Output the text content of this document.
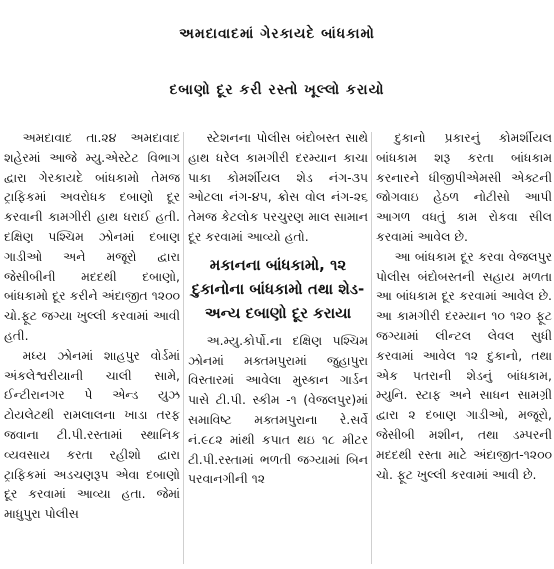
અમદાવાદમાં ગેરકાયદે બાંધકામો
દબાણો દૂર કરી રસ્તો ખૂલ્લો કરાયો

અમદાવાદ તા.૨૪ અમદાવાદ શહેરમાં આજે મ્યુ.એસ્ટેટ વિભાગ દ્વારા ગેરકાયદે બાંધકામો તેમજ ટ્રાફિકમાં અવરોધક દબાણો દૂર કરવાની કામગીરી હાથ ધરાઈ હતી. દક્ષિણ પશ્ચિમ ઝોનમાં દબાણ ગાડીઓ અને મજૂરો દ્વારા જેસીબીની મદદથી દબાણો, બાંધકામો દૂર કરીને અંદાજીત ૧૨૦૦ ચો.ફૂટ જગ્યા ખુલ્લી કરવામાં આવી હતી.

મધ્ય ઝોનમાં શાહપુર વોર્ડમાં અંકલેશ્વરીયાની ચાલી સામે, ઈન્ટીરાનગર પે એન્ડ યુઝ ટોયલેટથી રામલાલના ખાડા તરફ જવાના ટી.પી.રસ્તામાં સ્થાનિક વ્યવસાય કરતા રહીશો દ્વારા ટ્રાફિકમાં અડચણરૂપ એવા દબાણો દૂર કરવામાં આવ્યા હતા. જેમાં માધુપુરા પોલીસ

સ્ટેશનના પોલીસ બંદોબસ્ત સાથે હાથ ધરેલ કામગીરી દરમ્યાન કાચા પાકા કોમર્શીયલ શેડ નંગ-૩૫ ઓટલા નંગ-૪૫, ક્રોસ વોલ નંગ-૨૬ તેમજ કેટલોક પરચુરણ માલ સામાન દૂર કરવામાં આવ્યો હતો.

મકાનના બાંધકામો, ૧૨ દુકાનોના બાંધકામો તથા શેડ-અન્ય દબાણો દૂર કરાયા

અ.મ્યુ.કોર્પો.ના દક્ષિણ પશ્ચિમ ઝોનમાં મક્તમપુરામાં જુહાપુરા વિસ્તારમાં આવેલા મુસ્કાન ગાર્ડન પાસે ટી.પી. સ્કીમ -૧ (વેજલપુર)માં સમાવિષ્ટ મક્તમપુરાના રે.સર્વે નં.૯૮૨ માંથી કપાત થઇ ૧૮ મીટર ટી.પી.રસ્તામાં ભળતી જગ્યામાં બિન પરવાનગીની ૧૨

દુકાનો પ્રકારનું કોમર્શીયલ બાંધકામ શરૂ કરતા બાંધકામ કરનારને ધીજીપીએમસી એક્ટની જોગવાઇ હેઠળ નોટીસો આપી આગળ વધતું કામ રોકવા સીલ કરવામાં આવેલ છે.

આ બાંધકામ દૂર કરવા વેજલપુર પોલીસ બંદોબસ્તની સહાય મળતા આ બાંધકામ દૂર કરવામાં આવેલ છે. આ કામગીરી દરમ્યાન ૧૦ ૧૨૦ ફૂટ જગ્યામાં લીન્ટલ લેવલ સુધી કરવામાં આવેલ ૧૨ દુકાનો, તથા એક પતરાની શેડનું બાંધકામ, મ્યુનિ. સ્ટાફ અને સાધન સામગ્રી દ્વારા ૨ દબાણ ગાડીઓ, મજૂરો, જેસીબી મશીન, તથા ડમ્પરની મદદથી રસ્તા માટે અંદાજીત-૧૨૦૦ ચો. ફૂટ ખુલ્લી કરવામાં આવી છે.
